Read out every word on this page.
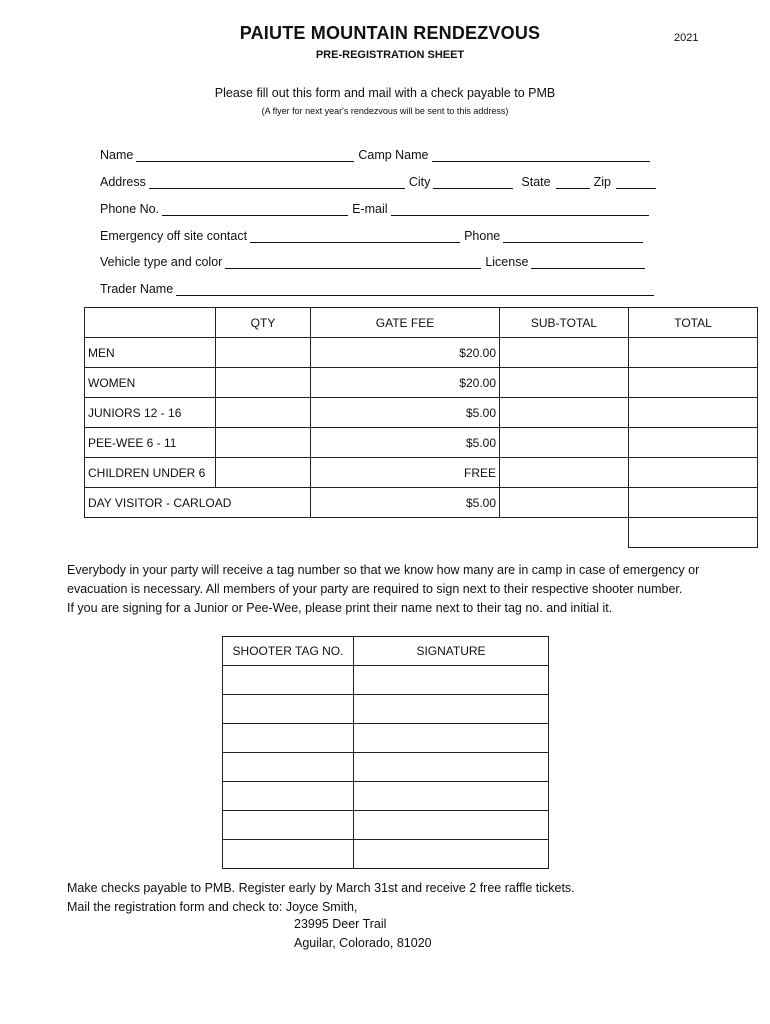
PAIUTE MOUNTAIN RENDEZVOUS	2021
PRE-REGISTRATION SHEET
Please fill out this form and mail with a check payable to PMB
(A flyer for next year's rendezvous will be sent to this address)
Name	Camp Name
Address	City	State	Zip
Phone No.	E-mail
Emergency off site contact	Phone
Vehicle type and color	License
Trader Name
	QTY	GATE FEE	SUB-TOTAL	TOTAL
MEN		$20.00		
WOMEN		$20.00		
JUNIORS 12 - 16		$5.00		
PEE-WEE 6 - 11		$5.00		
CHILDREN UNDER 6		FREE		
DAY VISITOR - CARLOAD		$5.00		

Everybody in your party will receive a tag number so that we know how many are in camp in case of emergency or
evacuation is necessary. All members of your party are required to sign next to their respective shooter number.
If you are signing for a Junior or Pee-Wee, please print their name next to their tag no. and initial it.
SHOOTER TAG NO.	SIGNATURE

Make checks payable to PMB. Register early by March 31st and receive 2 free raffle tickets.
Mail the registration form and check to: Joyce Smith,
23995 Deer Trail
Aguilar, Colorado, 81020
